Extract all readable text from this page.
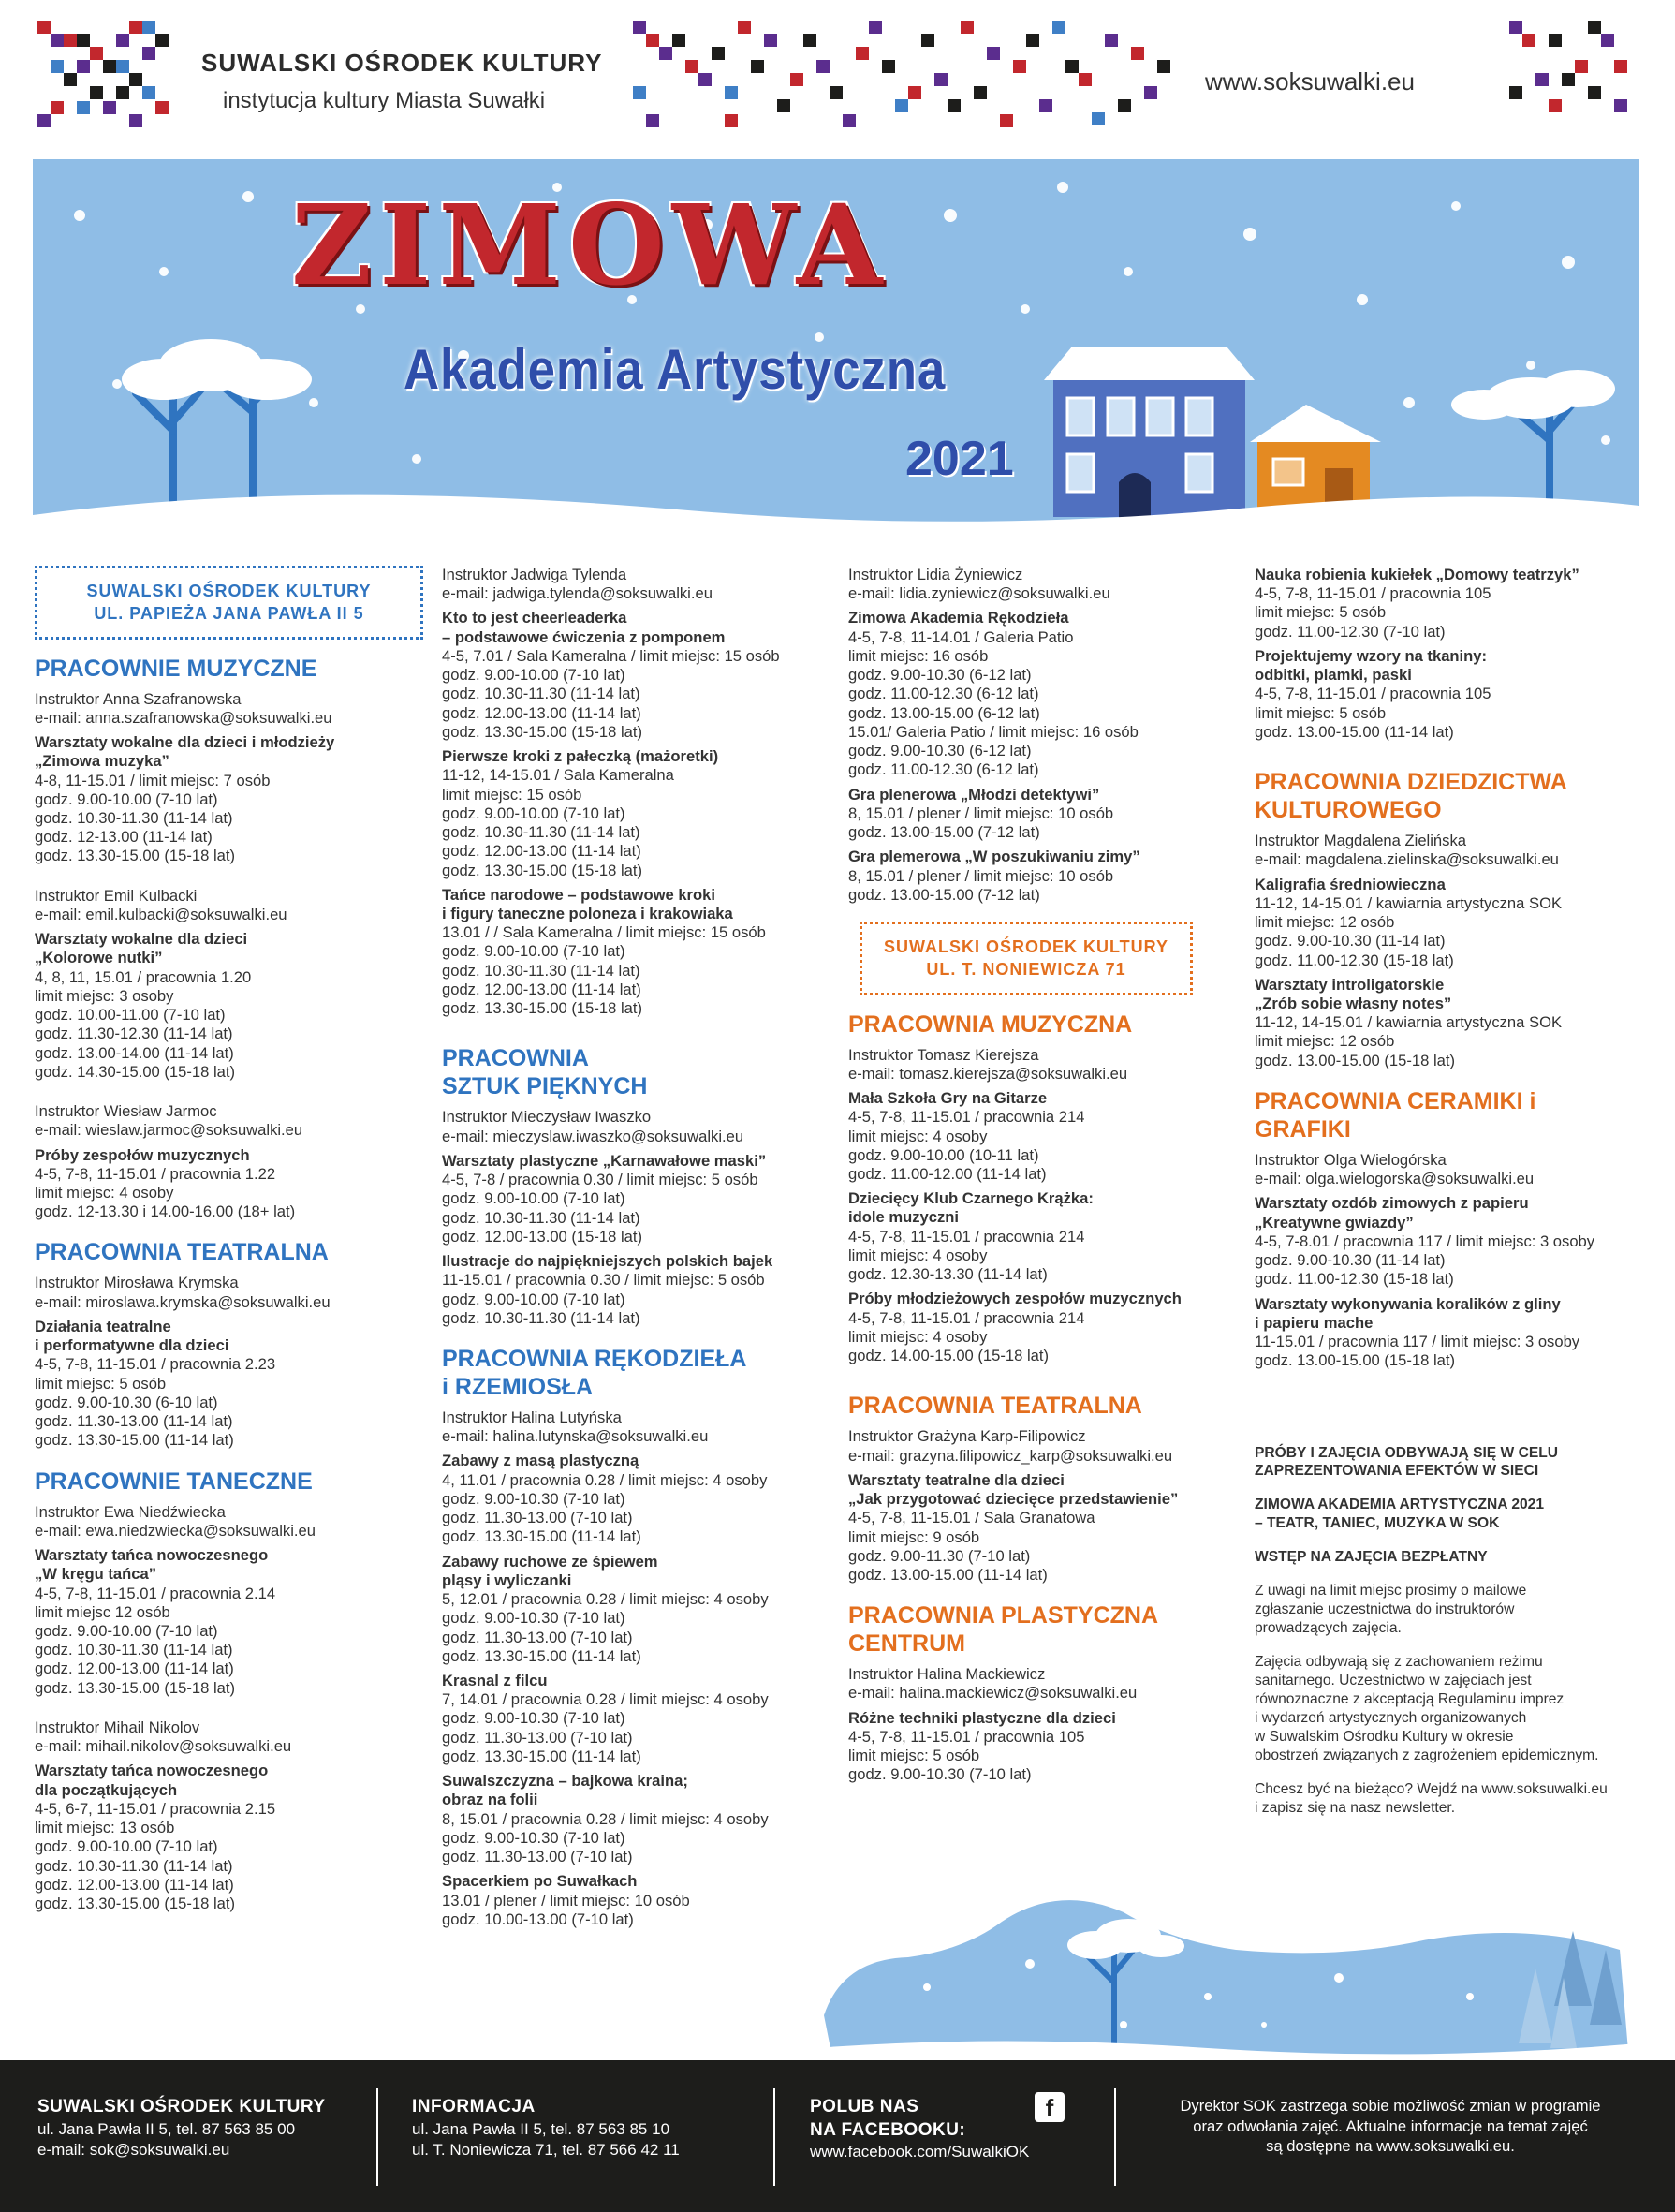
SUWALSKI OŚRODEK KULTURY
instytucja kultury Miasta Suwałki
www.soksuwalki.eu
ZIMOWA
Akademia Artystyczna
2021
SUWALSKI OŚRODEK KULTURY
UL. PAPIEŻA JANA PAWŁA II 5
PRACOWNIE MUZYCZNE
Instruktor Anna Szafranowska
e-mail: anna.szafranowska@soksuwalki.eu
Warsztaty wokalne dla dzieci i młodzieży
„Zimowa muzyka”
4-8, 11-15.01 / limit miejsc: 7 osób
godz. 9.00-10.00 (7-10 lat)
godz. 10.30-11.30 (11-14 lat)
godz. 12-13.00 (11-14 lat)
godz. 13.30-15.00 (15-18 lat)
Instruktor Emil Kulbacki
e-mail: emil.kulbacki@soksuwalki.eu
Warsztaty wokalne dla dzieci
„Kolorowe nutki”
4, 8, 11, 15.01 / pracownia 1.20
limit miejsc: 3 osoby
godz. 10.00-11.00 (7-10 lat)
godz. 11.30-12.30 (11-14 lat)
godz. 13.00-14.00 (11-14 lat)
godz. 14.30-15.00 (15-18 lat)
Instruktor Wiesław Jarmoc
e-mail: wieslaw.jarmoc@soksuwalki.eu
Próby zespołów muzycznych
4-5, 7-8, 11-15.01 / pracownia 1.22
limit miejsc: 4 osoby
godz. 12-13.30 i 14.00-16.00 (18+ lat)
PRACOWNIA TEATRALNA
Instruktor Mirosława Krymska
e-mail: miroslawa.krymska@soksuwalki.eu
Działania teatralne
i performatywne dla dzieci
4-5, 7-8, 11-15.01 / pracownia 2.23
limit miejsc: 5 osób
godz. 9.00-10.30 (6-10 lat)
godz. 11.30-13.00 (11-14 lat)
godz. 13.30-15.00 (11-14 lat)
PRACOWNIE TANECZNE
Instruktor Ewa Niedźwiecka
e-mail: ewa.niedzwiecka@soksuwalki.eu
Warsztaty tańca nowoczesnego
„W kręgu tańca”
4-5, 7-8, 11-15.01 / pracownia 2.14
limit miejsc 12 osób
godz. 9.00-10.00 (7-10 lat)
godz. 10.30-11.30 (11-14 lat)
godz. 12.00-13.00 (11-14 lat)
godz. 13.30-15.00 (15-18 lat)
Instruktor Mihail Nikolov
e-mail: mihail.nikolov@soksuwalki.eu
Warsztaty tańca nowoczesnego
dla początkujących
4-5, 6-7, 11-15.01 / pracownia 2.15
limit miejsc: 13 osób
godz. 9.00-10.00 (7-10 lat)
godz. 10.30-11.30 (11-14 lat)
godz. 12.00-13.00 (11-14 lat)
godz. 13.30-15.00 (15-18 lat)
Instruktor Jadwiga Tylenda
e-mail: jadwiga.tylenda@soksuwalki.eu
Kto to jest cheerleaderka
– podstawowe ćwiczenia z pomponem
4-5, 7.01 / Sala Kameralna / limit miejsc: 15 osób
godz. 9.00-10.00 (7-10 lat)
godz. 10.30-11.30 (11-14 lat)
godz. 12.00-13.00 (11-14 lat)
godz. 13.30-15.00 (15-18 lat)
Pierwsze kroki z pałeczką (mażoretki)
11-12, 14-15.01 / Sala Kameralna
limit miejsc: 15 osób
godz. 9.00-10.00 (7-10 lat)
godz. 10.30-11.30 (11-14 lat)
godz. 12.00-13.00 (11-14 lat)
godz. 13.30-15.00 (15-18 lat)
Tańce narodowe – podstawowe kroki
i figury taneczne poloneza i krakowiaka
13.01 / / Sala Kameralna / limit miejsc: 15 osób
godz. 9.00-10.00 (7-10 lat)
godz. 10.30-11.30 (11-14 lat)
godz. 12.00-13.00 (11-14 lat)
godz. 13.30-15.00 (15-18 lat)
PRACOWNIA
SZTUK PIĘKNYCH
Instruktor Mieczysław Iwaszko
e-mail: mieczyslaw.iwaszko@soksuwalki.eu
Warsztaty plastyczne „Karnawałowe maski”
4-5, 7-8 / pracownia 0.30 / limit miejsc: 5 osób
godz. 9.00-10.00 (7-10 lat)
godz. 10.30-11.30 (11-14 lat)
godz. 12.00-13.00 (15-18 lat)
Ilustracje do najpiękniejszych polskich bajek
11-15.01 / pracownia 0.30 / limit miejsc: 5 osób
godz. 9.00-10.00 (7-10 lat)
godz. 10.30-11.30 (11-14 lat)
PRACOWNIA RĘKODZIEŁA
i RZEMIOSŁA
Instruktor Halina Lutyńska
e-mail: halina.lutynska@soksuwalki.eu
Zabawy z masą plastyczną
4, 11.01 / pracownia 0.28 / limit miejsc: 4 osoby
godz. 9.00-10.30 (7-10 lat)
godz. 11.30-13.00 (7-10 lat)
godz. 13.30-15.00 (11-14 lat)
Zabawy ruchowe ze śpiewem
pląsy i wyliczanki
5, 12.01 / pracownia 0.28 / limit miejsc: 4 osoby
godz. 9.00-10.30 (7-10 lat)
godz. 11.30-13.00 (7-10 lat)
godz. 13.30-15.00 (11-14 lat)
Krasnal z filcu
7, 14.01 / pracownia 0.28 / limit miejsc: 4 osoby
godz. 9.00-10.30 (7-10 lat)
godz. 11.30-13.00 (7-10 lat)
godz. 13.30-15.00 (11-14 lat)
Suwalszczyzna – bajkowa kraina;
obraz na folii
8, 15.01 / pracownia 0.28 / limit miejsc: 4 osoby
godz. 9.00-10.30 (7-10 lat)
godz. 11.30-13.00 (7-10 lat)
Spacerkiem po Suwałkach
13.01 / plener / limit miejsc: 10 osób
godz. 10.00-13.00 (7-10 lat)
Instruktor Lidia Żyniewicz
e-mail: lidia.zyniewicz@soksuwalki.eu
Zimowa Akademia Rękodzieła
4-5, 7-8, 11-14.01 / Galeria Patio
limit miejsc: 16 osób
godz. 9.00-10.30 (6-12 lat)
godz. 11.00-12.30 (6-12 lat)
godz. 13.00-15.00 (6-12 lat)
15.01/ Galeria Patio / limit miejsc: 16 osób
godz. 9.00-10.30 (6-12 lat)
godz. 11.00-12.30 (6-12 lat)
Gra plenerowa „Młodzi detektywi”
8, 15.01 / plener / limit miejsc: 10 osób
godz. 13.00-15.00 (7-12 lat)
Gra plemerowa „W poszukiwaniu zimy”
8, 15.01 / plener / limit miejsc: 10 osób
godz. 13.00-15.00 (7-12 lat)
SUWALSKI OŚRODEK KULTURY
UL. T. NONIEWICZA 71
PRACOWNIA MUZYCZNA
Instruktor Tomasz Kierejsza
e-mail: tomasz.kierejsza@soksuwalki.eu
Mała Szkoła Gry na Gitarze
4-5, 7-8, 11-15.01 / pracownia 214
limit miejsc: 4 osoby
godz. 9.00-10.00 (10-11 lat)
godz. 11.00-12.00 (11-14 lat)
Dziecięcy Klub Czarnego Krążka:
idole muzyczni
4-5, 7-8, 11-15.01 / pracownia 214
limit miejsc: 4 osoby
godz. 12.30-13.30 (11-14 lat)
Próby młodzieżowych zespołów muzycznych
4-5, 7-8, 11-15.01 / pracownia 214
limit miejsc: 4 osoby
godz. 14.00-15.00 (15-18 lat)
PRACOWNIA TEATRALNA
Instruktor Grażyna Karp-Filipowicz
e-mail: grazyna.filipowicz_karp@soksuwalki.eu
Warsztaty teatralne dla dzieci
„Jak przygotować dziecięce przedstawienie”
4-5, 7-8, 11-15.01 / Sala Granatowa
limit miejsc: 9 osób
godz. 9.00-11.30 (7-10 lat)
godz. 13.00-15.00 (11-14 lat)
PRACOWNIA PLASTYCZNA
CENTRUM
Instruktor Halina Mackiewicz
e-mail: halina.mackiewicz@soksuwalki.eu
Różne techniki plastyczne dla dzieci
4-5, 7-8, 11-15.01 / pracownia 105
limit miejsc: 5 osób
godz. 9.00-10.30 (7-10 lat)
Nauka robienia kukiełek „Domowy teatrzyk”
4-5, 7-8, 11-15.01 / pracownia 105
limit miejsc: 5 osób
godz. 11.00-12.30 (7-10 lat)
Projektujemy wzory na tkaniny:
odbitki, plamki, paski
4-5, 7-8, 11-15.01 / pracownia 105
limit miejsc: 5 osób
godz. 13.00-15.00 (11-14 lat)
PRACOWNIA DZIEDZICTWA
KULTUROWEGO
Instruktor Magdalena Zielińska
e-mail: magdalena.zielinska@soksuwalki.eu
Kaligrafia średniowieczna
11-12, 14-15.01 / kawiarnia artystyczna SOK
limit miejsc: 12 osób
godz. 9.00-10.30 (11-14 lat)
godz. 11.00-12.30 (15-18 lat)
Warsztaty introligatorskie
„Zrób sobie własny notes”
11-12, 14-15.01 / kawiarnia artystyczna SOK
limit miejsc: 12 osób
godz. 13.00-15.00 (15-18 lat)
PRACOWNIA CERAMIKI i GRAFIKI
Instruktor Olga Wielogórska
e-mail: olga.wielogorska@soksuwalki.eu
Warsztaty ozdób zimowych z papieru
„Kreatywne gwiazdy”
4-5, 7-8.01 / pracownia 117 / limit miejsc: 3 osoby
godz. 9.00-10.30 (11-14 lat)
godz. 11.00-12.30 (15-18 lat)
Warsztaty wykonywania koralików z gliny
i papieru mache
11-15.01 / pracownia 117 / limit miejsc: 3 osoby
godz. 13.00-15.00 (15-18 lat)
PRÓBY I ZAJĘCIA ODBYWAJĄ SIĘ W CELU
ZAPREZENTOWANIA EFEKTÓW W SIECI
ZIMOWA AKADEMIA ARTYSTYCZNA 2021
– TEATR, TANIEC, MUZYKA W SOK
WSTĘP NA ZAJĘCIA BEZPŁATNY
Z uwagi na limit miejsc prosimy o mailowe
zgłaszanie uczestnictwa do instruktorów
prowadzących zajęcia.
Zajęcia odbywają się z zachowaniem reżimu
sanitarnego. Uczestnictwo w zajęciach jest
równoznaczne z akceptacją Regulaminu imprez
i wydarzeń artystycznych organizowanych
w Suwalskim Ośrodku Kultury w okresie
obostrzeń związanych z zagrożeniem epidemicznym.
Chcesz być na bieżąco? Wejdź na www.soksuwalki.eu
i zapisz się na nasz newsletter.
SUWALSKI OŚRODEK KULTURY
ul. Jana Pawła II 5, tel. 87 563 85 00
e-mail: sok@soksuwalki.eu
INFORMACJA
ul. Jana Pawła II 5, tel. 87 563 85 10
ul. T. Noniewicza 71, tel. 87 566 42 11
POLUB NAS
NA FACEBOOKU:
www.facebook.com/SuwalkiOK
f	Dyrektor SOK zastrzega sobie możliwość zmian w programie
oraz odwołania zajęć. Aktualne informacje na temat zajęć
są dostępne na www.soksuwalki.eu.
